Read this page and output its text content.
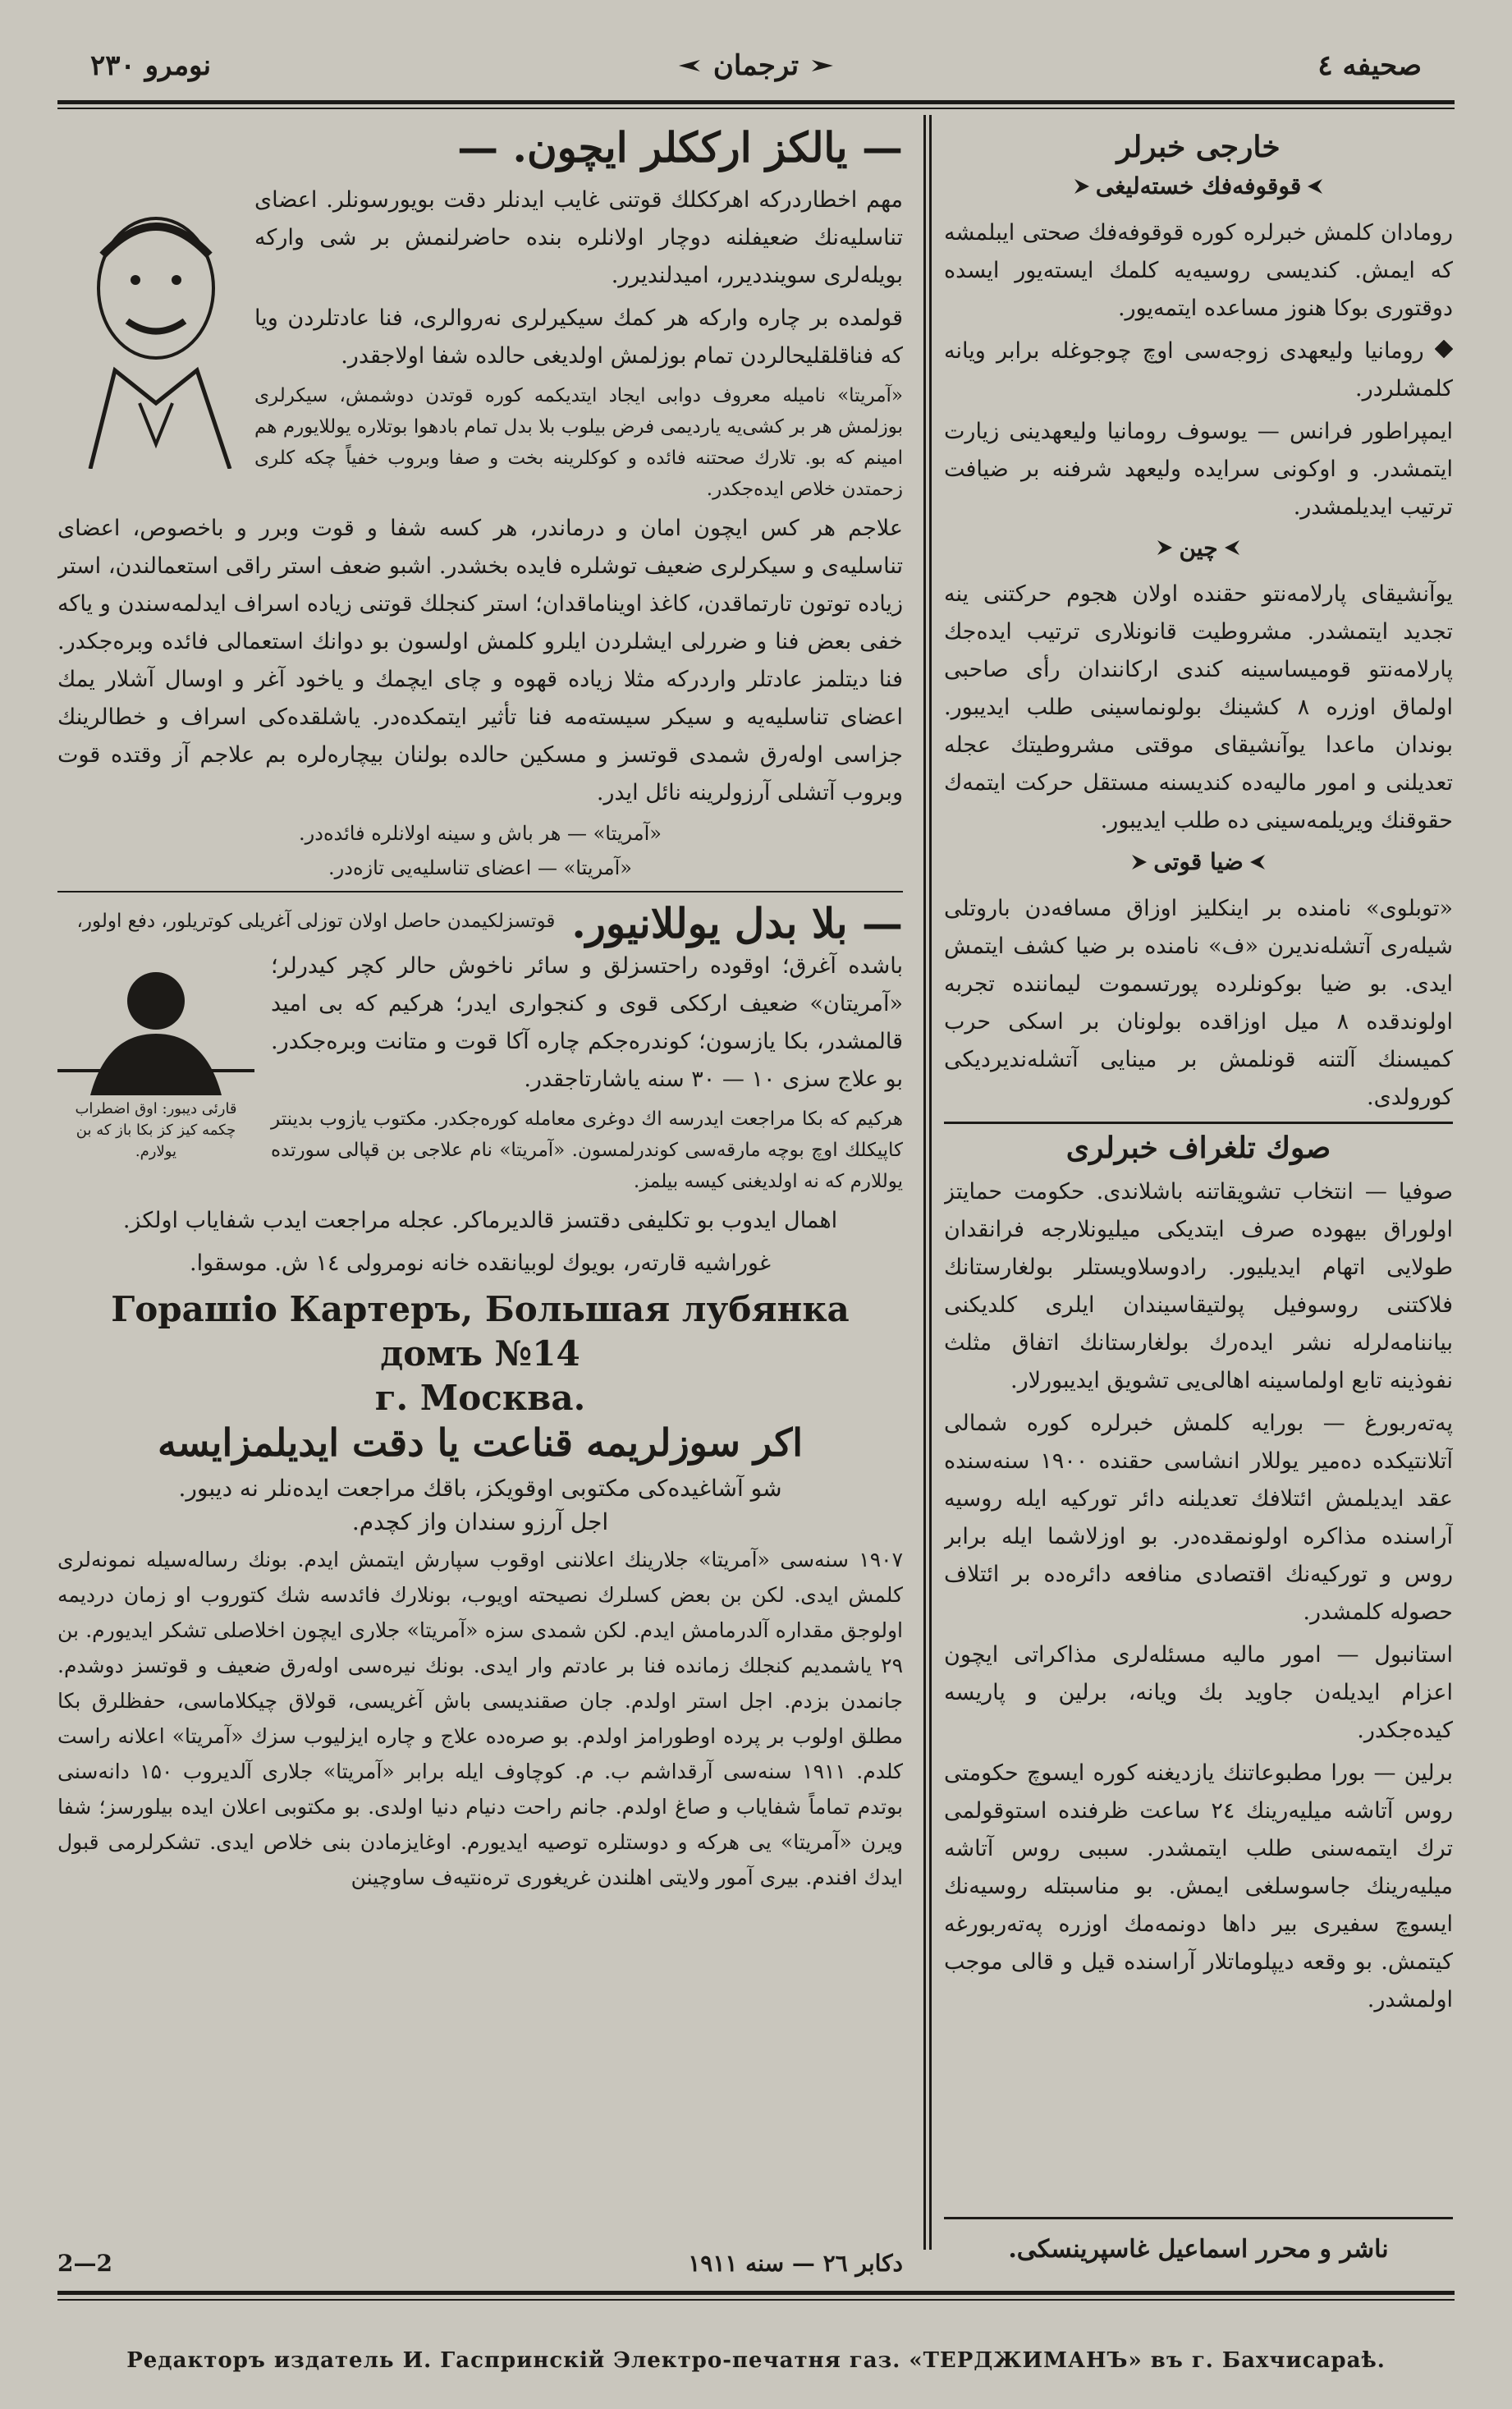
نومرو ۲۳۰	ترجمان	صحیفه ٤
— یالکز ارککلر ایچون. —

مهم اخطاردرکه اهرککلك قوتنی غایب ایدنلر دقت بویورسونلر. اعضای تناسلیه‌نك ضعیفلنه دوچار اولانلره بنده حاضرلنمش بر شی وارکه بویله‌لری سوینددیرر، امیدلندیرر.

قولمده بر چاره وارکه هر کمك سیکیرلری نه‌روالری، فنا عادتلردن ویا که فناقلقلیحالردن تمام بوزلمش اولدیغی حالده شفا اولاجقدر.

«آمریتا» نامیله معروف دوابی ایجاد ایتدیکمه کوره قوتدن دوشمش، سیکرلری بوزلمش هر بر کشی‌یه یاردیمی فرض بیلوب بلا بدل تمام بادهوا بوتلاره یوللایورم هم امینم که بو. تلارك صحتنه فائده و کوکلرینه بخت و صفا وبروب خفیاً چکه کلری زحمتدن خلاص ایده‌جکدر.

علاجم هر کس ایچون امان و درماندر، هر کسه شفا و قوت وبرر و باخصوص، اعضای تناسلیه‌ی و سیکرلری ضعیف توشلره فایده بخشدر. اشبو ضعف استر راقی استعمالندن، استر زیاده توتون تارتماقدن، کاغذ اویناماقدان؛ استر کنجلك قوتنی زیاده اسراف ایدلمه‌سندن و یاکه خفی بعض فنا و ضررلی ایشلردن ایلرو کلمش اولسون بو دوانك استعمالی فائده وبره‌جکدر. فنا دیتلمز عادتلر واردرکه مثلا زیاده قهوه و چای ایچمك و یاخود آغر و اوسال آشلار یمك اعضای تناسلیه‌یه و سیکر سیسته‌مه فنا تأثیر ایتمکده‌در. یاشلقده‌کی اسراف و خطالرینك جزاسی اولەرق شمدی قوتسز و مسکین حالده بولنان بیچاره‌لره بم علاجم آز وقتده قوت وبروب آتشلی آرزولرینه نائل ایدر.

«آمریتا» — هر باش و سینه اولانلره فائده‌در.
«آمریتا» — اعضای تناسلیه‌یی تازه‌در.
— بلا بدل یوللانیور.
قوتسزلکیمدن حاصل اولان توزلی آغریلی کوتریلور، دفع اولور،
قارئی دیبور: اوق اضطراب چکمه کیز کز بکا باز که بن یولارم.

باشده آغرق؛ اوقوده راحتسزلق و سائر ناخوش حالر کچر کیدرلر؛ «آمریتان» ضعیف ارککی قوی و کنجواری ایدر؛ هرکیم که بی امید قالمشدر، بکا یازسون؛ کوندره‌جکم چاره آکا قوت و متانت وبره‌جکدر. بو علاج سزی ۱۰ — ۳۰ سنه یاشارتاجقدر.

هرکیم که بکا مراجعت ایدرسه اك دوغری معامله کوره‌جکدر. مکتوب یازوب بدینتر کاپیکلك اوچ بوچه مارقەسی کوندرلمسون. «آمریتا» نام علاجی بن قپالی سورتده یوللارم که نه اولدیغنی کیسه بیلمز.

اهمال ایدوب بو تکلیفی دقتسز قالدیرماکر. عجله مراجعت ایدب شفایاب اولکز.

غوراشیه قارتەر، بویوك لوبیانقده خانه نومرولی ۱٤ ش. موسقوا.
Горашiо Картеръ, Большая лубянка домъ №14
г. Москва.
اکر سوزلریمه قناعت یا دقت ایدیلمزایسه
شو آشاغیده‌کی مکتوبی اوقویکز، باقك مراجعت ایده‌نلر نه دیبور.
اجل آرزو سندان واز کچدم.

۱۹۰۷ سنه‌سی «آمریتا» جلارینك اعلاننی اوقوب سپارش ایتمش ایدم. بونك رساله‌سیله نمونه‌لری کلمش ایدی. لکن بن بعض کسلرك نصیحته اویوب، بونلارك فائدسه شك کتوروب او زمان دردیمه اولوجق مقداره آلدرمامش ایدم. لکن شمدی سزه «آمریتا» جلاری ایچون اخلاصلی تشکر ایدیورم. بن ۲۹ یاشمدیم کنجلك زمانده فنا بر عادتم وار ایدی. بونك نیرەسی اولەرق ضعیف و قوتسز دوشدم. جانمدن بزدم. اجل استر اولدم. جان صقندیسی باش آغریسی، قولاق چیکلاماسی، حفظلرق بکا مطلق اولوب بر پرده اوطورامز اولدم. بو صره‌ده علاج و چاره ایزلیوب سزك «آمریتا» اعلانه راست کلدم. ۱۹۱۱ سنه‌سی آرقداشم ب. م. کوچاوف ایله برابر «آمریتا» جلاری آلدیروب ۱۵۰ دانه‌سنی بوتدم تماماً شفایاب و صاغ اولدم. جانم راحت دنیام دنیا اولدی. بو مکتوبی اعلان ایده بیلورسز؛ شفا ویرن «آمریتا» یی هرکه و دوستلره توصیه ایدیورم. اوغایزمادن بنی خلاص ایدی. تشکرلرمی قبول ایدك افندم. بیری آمور ولایتی اهلندن غریغوری تره‌نتیه‌ف ساوچینن

2—2	دکابر ۲٦ — سنه ۱۹۱۱
خارجی خبرلر
قوقوفه‌فك خسته‌لیغی

رومادان کلمش خبرلره کوره قوقوفه‌فك صحتی ایبلمشه که ایمش. کندیسی روسیه‌یه کلمك ایستەیور ایسده دوقتوری بوکا هنوز مساعده ایتمەیور.

رومانیا ولیعهدی زوجه‌سی اوچ چوجوغله برابر ویانه کلمشلردر.

ایمپراطور فرانس — یوسوف رومانیا ولیعهدینی زیارت ایتمشدر. و اوکونی سرایده ولیعهد شرفنه بر ضیافت ترتیب ایدیلمشدر.

چین

یوآنشیقای پارلامه‌نتو حقنده اولان هجوم حرکتنی ینه تجدید ایتمشدر. مشروطیت قانونلاری ترتیب ایده‌جك پارلامه‌نتو قومیساسینه کندی ارکانندان رأی صاحبی اولماق اوزره ۸ کشینك بولونماسینی طلب ایدیبور. بوندان ماعدا یوآنشیقای موقتی مشروطیتك عجله تعدیلنی و امور مالیه‌ده کندیسنه مستقل حرکت ایتمه‌ك حقوقنك ویریلمه‌سینی ده طلب ایدیبور.

ضیا قوتی

«توبلوی» نامنده بر اینکلیز اوزاق مسافه‌دن باروتلی شیله‌ری آتشله‌ندیرن «ف» نامنده بر ضیا کشف ایتمش ایدی. بو ضیا بوکونلرده پورتسموت لیماننده تجربه اولوندقده ۸ میل اوزاقده بولونان بر اسکی حرب کمیسنك آلتنه قونلمش بر مینایی آتشله‌ندیردیکی کورولدی.

صوك تلغراف خبرلری

صوفیا — انتخاب تشویقاتنه باشلاندی. حکومت حمایتز اولوراق بیهوده صرف ایتدیکی میلیونلارجه فرانقدان طولایی اتهام ایدیلیور. رادوسلاویستلر بولغارستانك فلاکتنی روسوفیل پولتیقاسیندان ایلری کلدیکنی بیاننامه‌لرله نشر ایدەرك بولغارستانك اتفاق مثلث نفوذینه تابع اولماسینه اهالی‌یی تشویق ایدیبورلار.

پەتەربورغ — بورایه کلمش خبرلره کوره شمالی آتلانتیکده دەمیر یوللار انشاسی حقنده ۱۹۰۰ سنه‌سنده عقد ایدیلمش ائتلافك تعدیلنه دائر تورکیه ایله روسیه آراسنده مذاکره اولونمقده‌در. بو اوزلاشما ایله برابر روس و تورکیەنك اقتصادی منافعه دائره‌ده بر ائتلاف حصوله کلمشدر.

استانبول — امور مالیه مسئله‌لری مذاکراتی ایچون اعزام ایدیلەن جاوید بك ویانه، برلین و پاریسه کیده‌جکدر.

برلین — بورا مطبوعاتنك یازدیغنه کوره ایسوچ حکومتی روس آتاشه میلیه‌رینك ۲٤ ساعت ظرفنده استوقولمی ترك ایتمه‌سنی طلب ایتمشدر. سببی روس آتاشه میلیه‌رینك جاسوسلغی ایمش. بو مناسبتله روسیەنك ایسوچ سفیری بیر داها دونمه‌مك اوزره پەتەربورغه کیتمش. بو وقعه دیپلوماتلار آراسنده قیل و قالی موجب اولمشدر.

ناشر و محرر اسماعیل غاسپرینسکی.
Редакторъ издатель И. Гаспринскiй Электро-печатня газ. «ТЕРДЖИМАНЪ» въ г. Бахчисараѣ.
